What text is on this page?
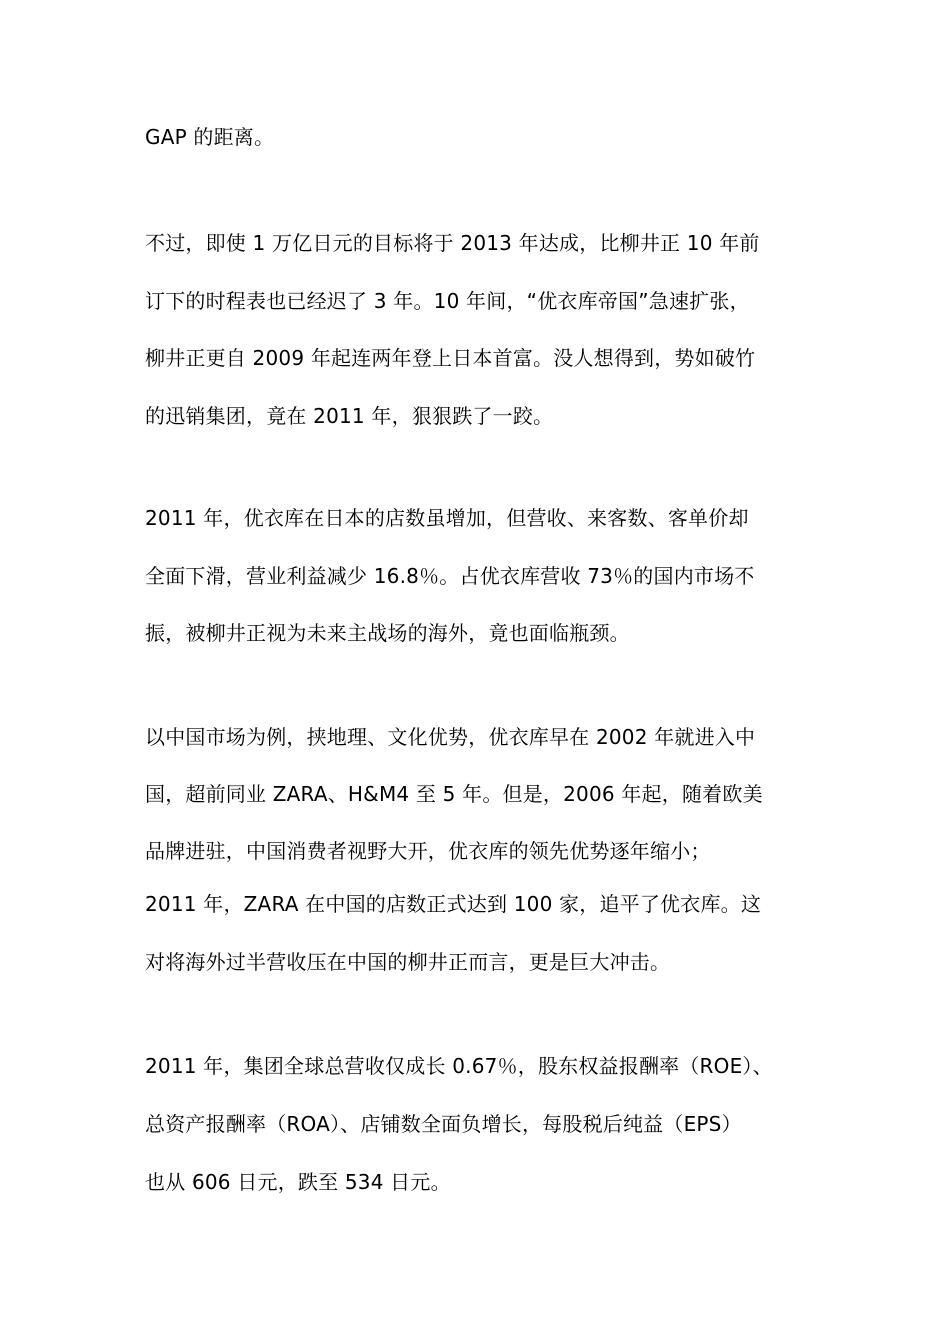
GAP 的距离。
不过，即使 1 万亿日元的目标将于 2013 年达成，比柳井正 10 年前
订下的时程表也已经迟了 3 年。10 年间，“优衣库帝国”急速扩张，
柳井正更自 2009 年起连两年登上日本首富。没人想得到，势如破竹
的迅销集团，竟在 2011 年，狠狠跌了一跤。
2011 年，优衣库在日本的店数虽增加，但营收、来客数、客单价却
全面下滑，营业利益减少 16.8％。占优衣库营收 73％的国内市场不
振，被柳井正视为未来主战场的海外，竟也面临瓶颈。
以中国市场为例，挟地理、文化优势，优衣库早在 2002 年就进入中
国，超前同业 ZARA、H&M4 至 5 年。但是，2006 年起，随着欧美
品牌进驻，中国消费者视野大开，优衣库的领先优势逐年缩小；
2011 年，ZARA 在中国的店数正式达到 100 家，追平了优衣库。这
对将海外过半营收压在中国的柳井正而言，更是巨大冲击。
2011 年，集团全球总营收仅成长 0.67％，股东权益报酬率（ROE）、
总资产报酬率（ROA）、店铺数全面负增长，每股税后纯益（EPS）
也从 606 日元，跌至 534 日元。
